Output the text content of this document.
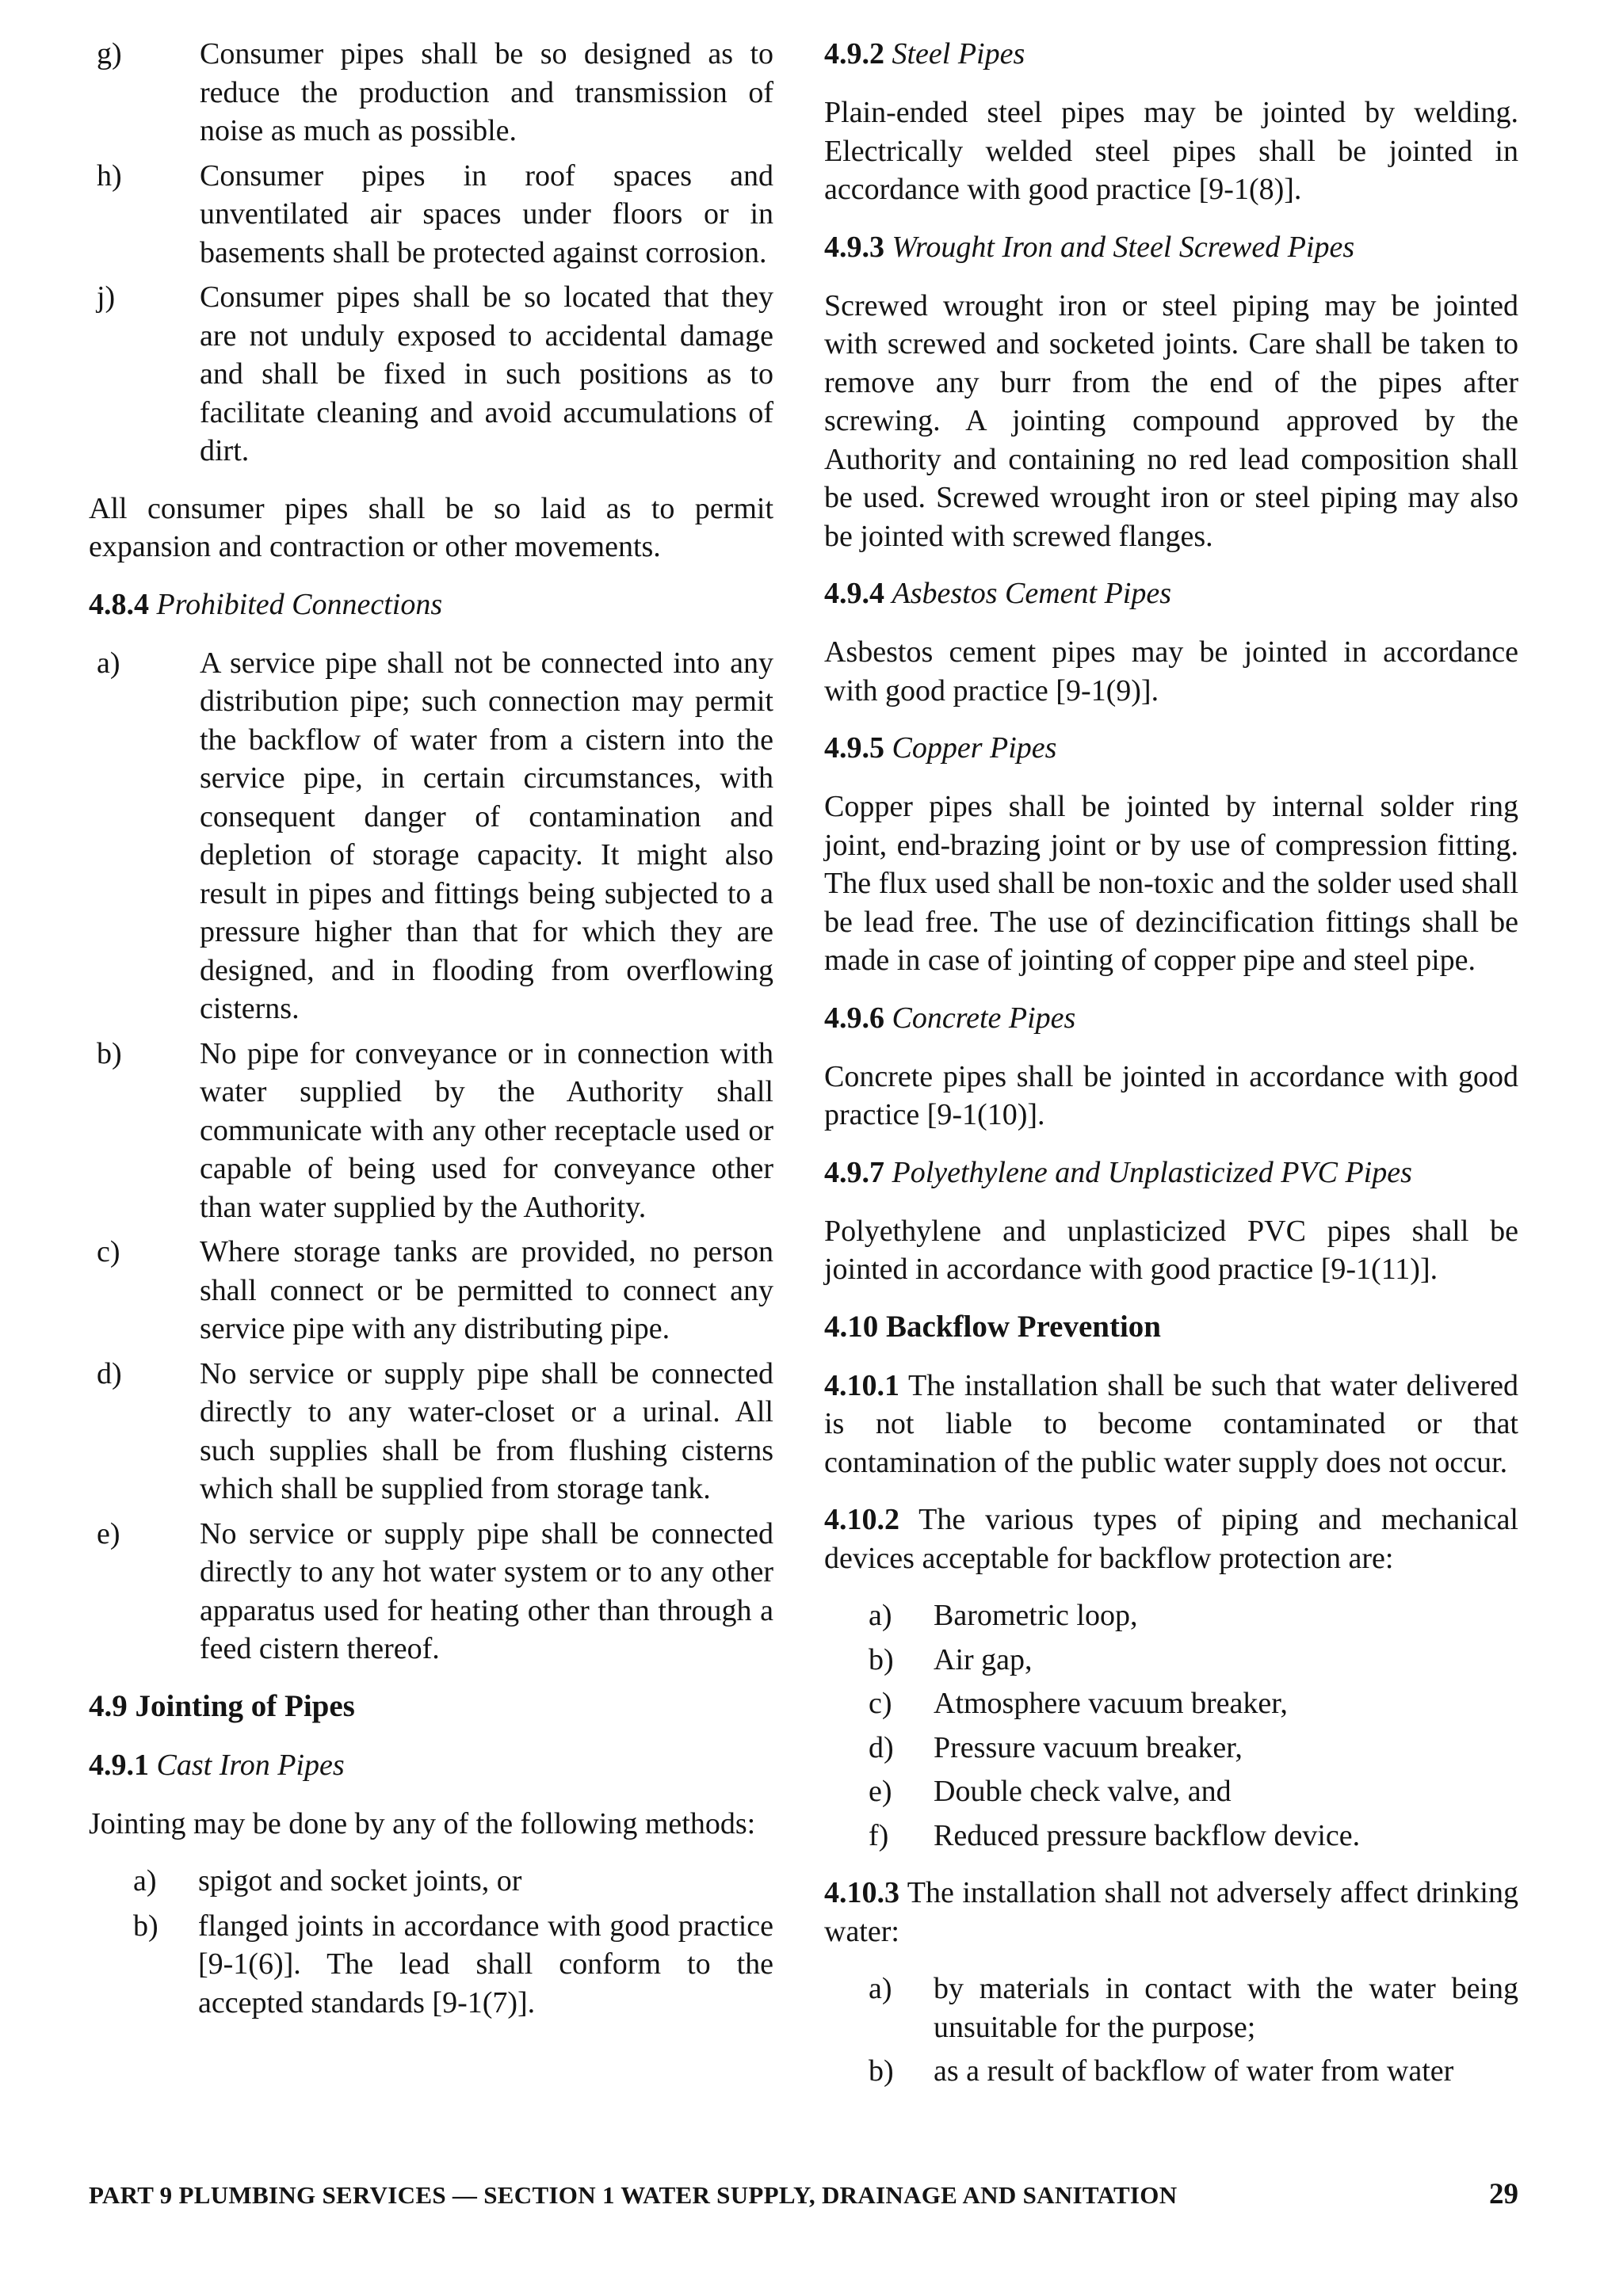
g)	Consumer pipes shall be so designed as to reduce the production and transmission of noise as much as possible.

h)	Consumer pipes in roof spaces and unventilated air spaces under floors or in basements shall be protected against corrosion.

j)	Consumer pipes shall be so located that they are not unduly exposed to accidental damage and shall be fixed in such positions as to facilitate cleaning and avoid accumulations of dirt.

All consumer pipes shall be so laid as to permit expansion and contraction or other movements.

4.8.4 Prohibited Connections
a)	A service pipe shall not be connected into any distribution pipe; such connection may permit the backflow of water from a cistern into the service pipe, in certain circumstances, with consequent danger of contamination and depletion of storage capacity. It might also result in pipes and fittings being subjected to a pressure higher than that for which they are designed, and in flooding from overflowing cisterns.

b)	No pipe for conveyance or in connection with water supplied by the Authority shall communicate with any other receptacle used or capable of being used for conveyance other than water supplied by the Authority.

c)	Where storage tanks are provided, no person shall connect or be permitted to connect any service pipe with any distributing pipe.

d)	No service or supply pipe shall be connected directly to any water-closet or a urinal. All such supplies shall be from flushing cisterns which shall be supplied from storage tank.

e)	No service or supply pipe shall be connected directly to any hot water system or to any other apparatus used for heating other than through a feed cistern thereof.

4.9 Jointing of Pipes
4.9.1 Cast Iron Pipes

Jointing may be done by any of the following methods:

a)	spigot and socket joints, or

b)	flanged joints in accordance with good practice [9-1(6)]. The lead shall conform to the accepted standards [9-1(7)].

4.9.2 Steel Pipes

Plain-ended steel pipes may be jointed by welding. Electrically welded steel pipes shall be jointed in accordance with good practice [9-1(8)].

4.9.3 Wrought Iron and Steel Screwed Pipes

Screwed wrought iron or steel piping may be jointed with screwed and socketed joints. Care shall be taken to remove any burr from the end of the pipes after screwing. A jointing compound approved by the Authority and containing no red lead composition shall be used. Screwed wrought iron or steel piping may also be jointed with screwed flanges.

4.9.4 Asbestos Cement Pipes

Asbestos cement pipes may be jointed in accordance with good practice [9-1(9)].

4.9.5 Copper Pipes

Copper pipes shall be jointed by internal solder ring joint, end-brazing joint or by use of compression fitting. The flux used shall be non-toxic and the solder used shall be lead free. The use of dezincification fittings shall be made in case of jointing of copper pipe and steel pipe.

4.9.6 Concrete Pipes

Concrete pipes shall be jointed in accordance with good practice [9-1(10)].

4.9.7 Polyethylene and Unplasticized PVC Pipes

Polyethylene and unplasticized PVC pipes shall be jointed in accordance with good practice [9-1(11)].

4.10 Backflow Prevention

4.10.1 The installation shall be such that water delivered is not liable to become contaminated or that contamination of the public water supply does not occur.

4.10.2 The various types of piping and mechanical devices acceptable for backflow protection are:

a)	Barometric loop,

b)	Air gap,

c)	Atmosphere vacuum breaker,

d)	Pressure vacuum breaker,

e)	Double check valve, and

f)	Reduced pressure backflow device.

4.10.3 The installation shall not adversely affect drinking water:

a)	by materials in contact with the water being unsuitable for the purpose;

b)	as a result of backflow of water from water

PART 9 PLUMBING SERVICES — SECTION 1 WATER SUPPLY, DRAINAGE AND SANITATION	29
